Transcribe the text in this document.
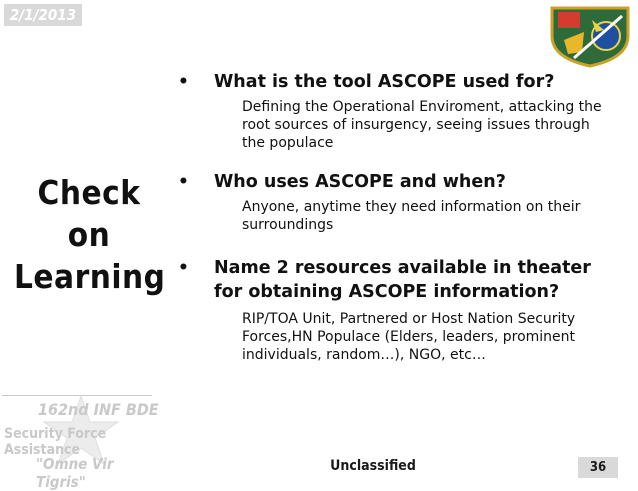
2/1/2013
Check on
Learning
162nd INF BDE
Security Force Assistance
"Omne Vir Tigris"
• What is the tool ASCOPE used for?
Defining the Operational Enviroment, attacking the root sources of insurgency, seeing issues through the populace
• Who uses ASCOPE and when?
Anyone, anytime they need information on their surroundings
• Name 2 resources available in theater for obtaining ASCOPE information?
RIP/TOA Unit, Partnered or Host Nation Security Forces,HN Populace (Elders, leaders, prominent individuals, random…), NGO, etc…
Unclassified	36
